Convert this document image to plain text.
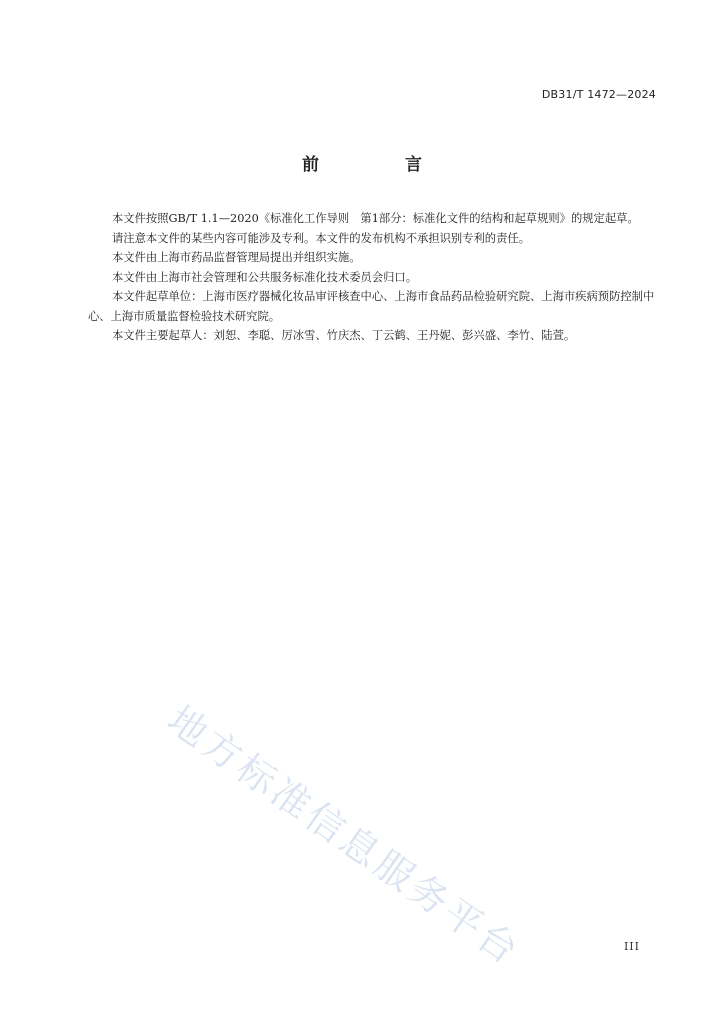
DB31/T 1472—2024
前 言

本文件按照GB/T 1.1—2020《标准化工作导则　第1部分：标准化文件的结构和起草规则》的规定起草。

请注意本文件的某些内容可能涉及专利。本文件的发布机构不承担识别专利的责任。

本文件由上海市药品监督管理局提出并组织实施。

本文件由上海市社会管理和公共服务标准化技术委员会归口。

本文件起草单位：上海市医疗器械化妆品审评核查中心、上海市食品药品检验研究院、上海市疾病预防控制中心、上海市质量监督检验技术研究院。

本文件主要起草人：刘恕、李聪、厉冰雪、竹庆杰、丁云鹤、王丹妮、彭兴盛、李竹、陆萱。

地方标准信息服务平台	III
